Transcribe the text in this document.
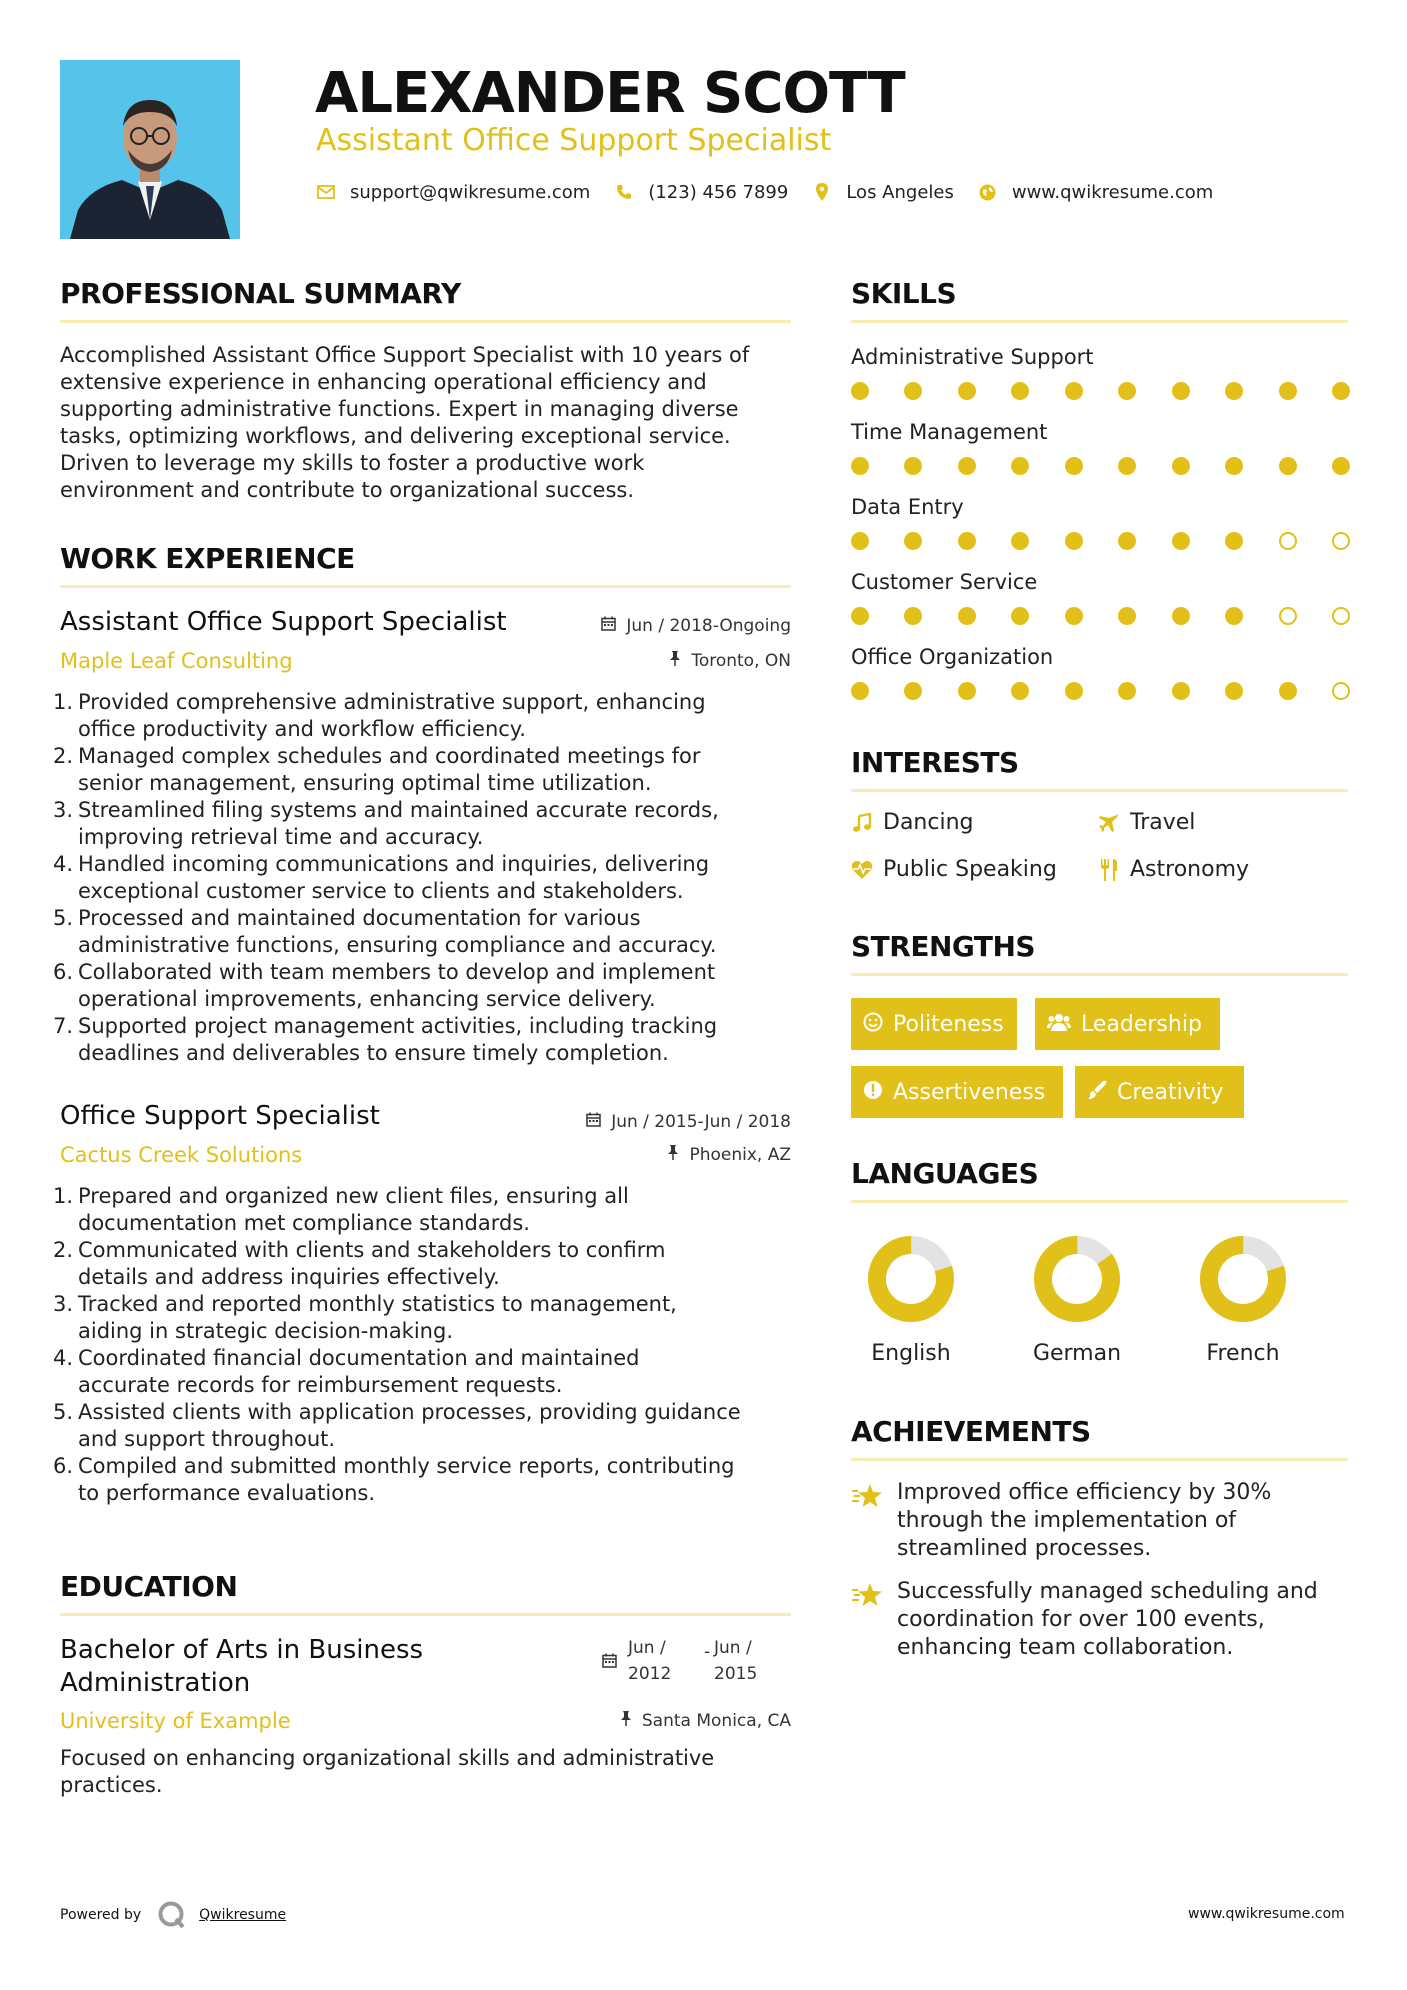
ALEXANDER SCOTT
Assistant Office Support Specialist
support@qwikresume.com	(123) 456 7899	Los Angeles	www.qwikresume.com
PROFESSIONAL SUMMARY
Accomplished Assistant Office Support Specialist with 10 years of
extensive experience in enhancing operational efficiency and
supporting administrative functions. Expert in managing diverse
tasks, optimizing workflows, and delivering exceptional service.
Driven to leverage my skills to foster a productive work
environment and contribute to organizational success.
WORK EXPERIENCE
Assistant Office Support Specialist	Jun / 2018-Ongoing
Maple Leaf Consulting	Toronto, ON
1. Provided comprehensive administrative support, enhancing
office productivity and workflow efficiency.
2. Managed complex schedules and coordinated meetings for
senior management, ensuring optimal time utilization.
3. Streamlined filing systems and maintained accurate records,
improving retrieval time and accuracy.
4. Handled incoming communications and inquiries, delivering
exceptional customer service to clients and stakeholders.
5. Processed and maintained documentation for various
administrative functions, ensuring compliance and accuracy.
6. Collaborated with team members to develop and implement
operational improvements, enhancing service delivery.
7. Supported project management activities, including tracking
deadlines and deliverables to ensure timely completion.
Office Support Specialist	Jun / 2015-Jun / 2018
Cactus Creek Solutions	Phoenix, AZ
1. Prepared and organized new client files, ensuring all
documentation met compliance standards.
2. Communicated with clients and stakeholders to confirm
details and address inquiries effectively.
3. Tracked and reported monthly statistics to management,
aiding in strategic decision-making.
4. Coordinated financial documentation and maintained
accurate records for reimbursement requests.
5. Assisted clients with application processes, providing guidance
and support throughout.
6. Compiled and submitted monthly service reports, contributing
to performance evaluations.
EDUCATION
Bachelor of Arts in Business
Administration
Jun /
2012
- Jun /
2015
University of Example	Santa Monica, CA
Focused on enhancing organizational skills and administrative
practices.
SKILLS
Administrative Support
Time Management
Data Entry
Customer Service
Office Organization
INTERESTS
Dancing	Travel
Public Speaking	Astronomy
STRENGTHS
Politeness	Leadership
Assertiveness	Creativity
LANGUAGES
English	German	French
ACHIEVEMENTS
Improved office efficiency by 30%
through the implementation of
streamlined processes.
Successfully managed scheduling and
coordination for over 100 events,
enhancing team collaboration.
Powered by	Qwikresume	www.qwikresume.com
